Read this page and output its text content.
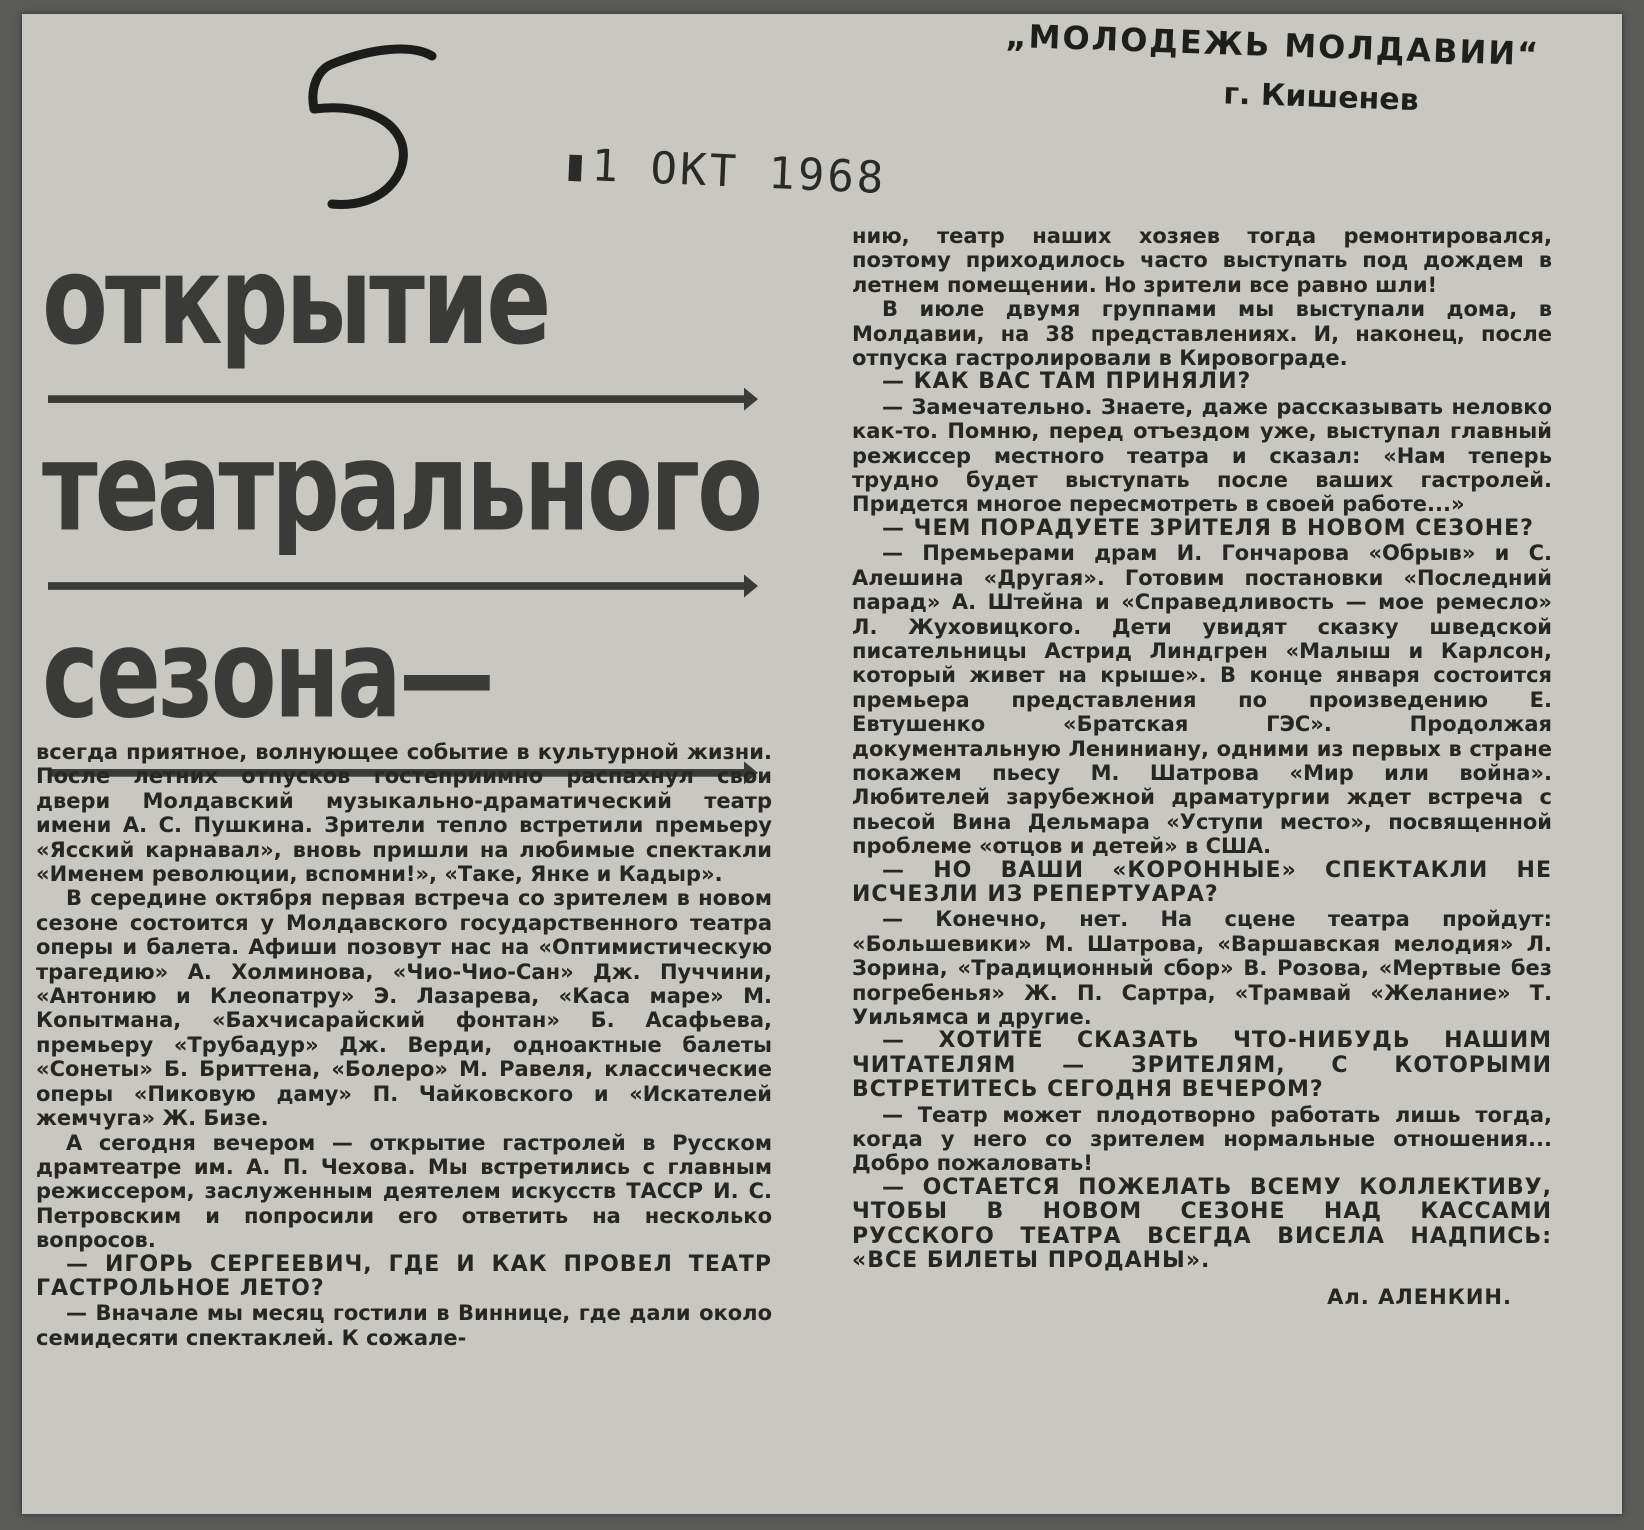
▮1 ОКТ 1968
„МОЛОДЕЖЬ МОЛДАВИИ“
г. Кишенев
открытие
театрального
сезона—

всегда приятное, волнующее событие в культурной жизни. После летних отпусков гостеприимно распахнул свои двери Молдавский музыкально-драматический театр имени А. С. Пушкина. Зрители тепло встретили премьеру «Ясский карнавал», вновь пришли на любимые спектакли «Именем революции, вспомни!», «Таке, Янке и Кадыр».

В середине октября первая встреча со зрителем в новом сезоне состоится у Молдавского государственного театра оперы и балета. Афиши позовут нас на «Оптимистическую трагедию» А. Холминова, «Чио-Чио-Сан» Дж. Пуччини, «Антонию и Клеопатру» Э. Лазарева, «Каса маре» М. Копытмана, «Бахчисарайский фонтан» Б. Асафьева, премьеру «Трубадур» Дж. Верди, одноактные балеты «Сонеты» Б. Бриттена, «Болеро» М. Равеля, классические оперы «Пиковую даму» П. Чайковского и «Искателей жемчуга» Ж. Бизе.

А сегодня вечером — открытие гастролей в Русском драмтеатре им. А. П. Чехова. Мы встретились с главным режиссером, заслуженным деятелем искусств ТАССР И. С. Петровским и попросили его ответить на несколько вопросов.

— ИГОРЬ СЕРГЕЕВИЧ, ГДЕ И КАК ПРОВЕЛ ТЕАТР ГАСТРОЛЬНОЕ ЛЕТО?

— Вначале мы месяц гостили в Виннице, где дали около семидесяти спектаклей. К сожале-

нию, театр наших хозяев тогда ремонтировался, поэтому приходилось часто выступать под дождем в летнем помещении. Но зрители все равно шли!

В июле двумя группами мы выступали дома, в Молдавии, на 38 представлениях. И, наконец, после отпуска гастролировали в Кировограде.

— КАК ВАС ТАМ ПРИНЯЛИ?

— Замечательно. Знаете, даже рассказывать неловко как-то. Помню, перед отъездом уже, выступал главный режиссер местного театра и сказал: «Нам теперь трудно будет выступать после ваших гастролей. Придется многое пересмотреть в своей работе...»

— ЧЕМ ПОРАДУЕТЕ ЗРИТЕЛЯ В НОВОМ СЕЗОНЕ?

— Премьерами драм И. Гончарова «Обрыв» и С. Алешина «Другая». Готовим постановки «Последний парад» А. Штейна и «Справедливость — мое ремесло» Л. Жуховицкого. Дети увидят сказку шведской писательницы Астрид Линдгрен «Малыш и Карлсон, который живет на крыше». В конце января состоится премьера представления по произведению Е. Евтушенко «Братская ГЭС». Продолжая документальную Лениниану, одними из первых в стране покажем пьесу М. Шатрова «Мир или война». Любителей зарубежной драматургии ждет встреча с пьесой Вина Дельмара «Уступи место», посвященной проблеме «отцов и детей» в США.

— НО ВАШИ «КОРОННЫЕ» СПЕКТАКЛИ НЕ ИСЧЕЗЛИ ИЗ РЕПЕРТУАРА?

— Конечно, нет. На сцене театра пройдут: «Большевики» М. Шатрова, «Варшавская мелодия» Л. Зорина, «Традиционный сбор» В. Розова, «Мертвые без погребенья» Ж. П. Сартра, «Трамвай «Желание» Т. Уильямса и другие.

— ХОТИТЕ СКАЗАТЬ ЧТО-НИБУДЬ НАШИМ ЧИТАТЕЛЯМ — ЗРИТЕЛЯМ, С КОТОРЫМИ ВСТРЕТИТЕСЬ СЕГОДНЯ ВЕЧЕРОМ?

— Театр может плодотворно работать лишь тогда, когда у него со зрителем нормальные отношения... Добро пожаловать!

— ОСТАЕТСЯ ПОЖЕЛАТЬ ВСЕМУ КОЛЛЕКТИВУ, ЧТОБЫ В НОВОМ СЕЗОНЕ НАД КАССАМИ РУССКОГО ТЕАТРА ВСЕГДА ВИСЕЛА НАДПИСЬ: «ВСЕ БИЛЕТЫ ПРОДАНЫ».

Ал. АЛЕНКИН.
